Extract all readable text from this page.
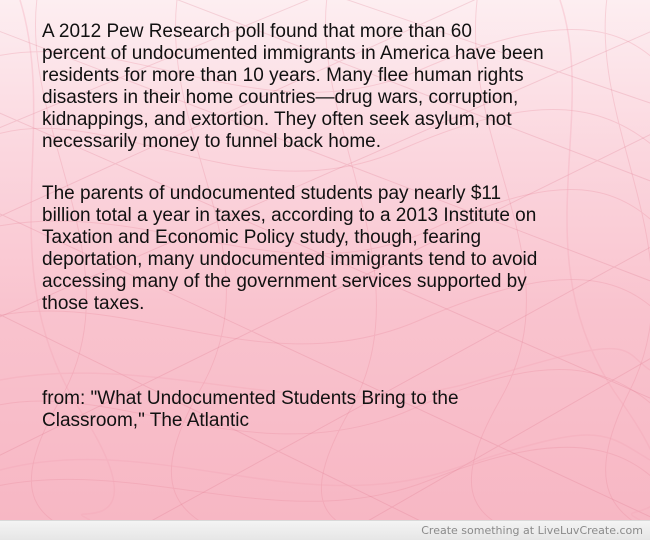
A 2012 Pew Research poll found that more than 60
percent of undocumented immigrants in America have been
residents for more than 10 years. Many flee human rights
disasters in their home countries—drug wars, corruption,
kidnappings, and extortion. They often seek asylum, not
necessarily money to funnel back home.

The parents of undocumented students pay nearly $11
billion total a year in taxes, according to a 2013 Institute on
Taxation and Economic Policy study, though, fearing
deportation, many undocumented immigrants tend to avoid
accessing many of the government services supported by
those taxes.

from: "What Undocumented Students Bring to the
Classroom," The Atlantic

Create something at LiveLuvCreate.com
